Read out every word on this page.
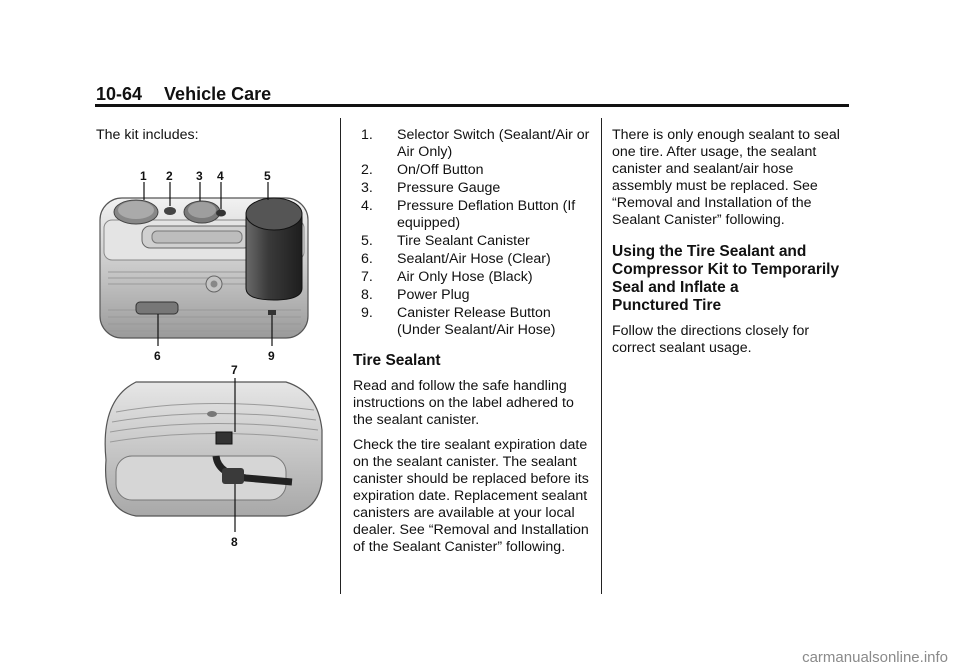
10-64 Vehicle Care

The kit includes:

1 2 3 4	5
6	9
7
8
1. Selector Switch (Sealant/Air or Air Only)
2. On/Off Button
3. Pressure Gauge
4. Pressure Deflation Button (If equipped)
5. Tire Sealant Canister
6. Sealant/Air Hose (Clear)
7. Air Only Hose (Black)
8. Power Plug
9. Canister Release Button (Under Sealant/Air Hose)
Tire Sealant

Read and follow the safe handling instructions on the label adhered to the sealant canister.

Check the tire sealant expiration date on the sealant canister. The sealant canister should be replaced before its expiration date. Replacement sealant canisters are available at your local dealer. See “Removal and Installation of the Sealant Canister” following.

There is only enough sealant to seal one tire. After usage, the sealant canister and sealant/air hose assembly must be replaced. See “Removal and Installation of the Sealant Canister” following.

Using the Tire Sealant and
Compressor Kit to Temporarily
Seal and Inflate a
Punctured Tire

Follow the directions closely for correct sealant usage.

carmanualsonline.info
